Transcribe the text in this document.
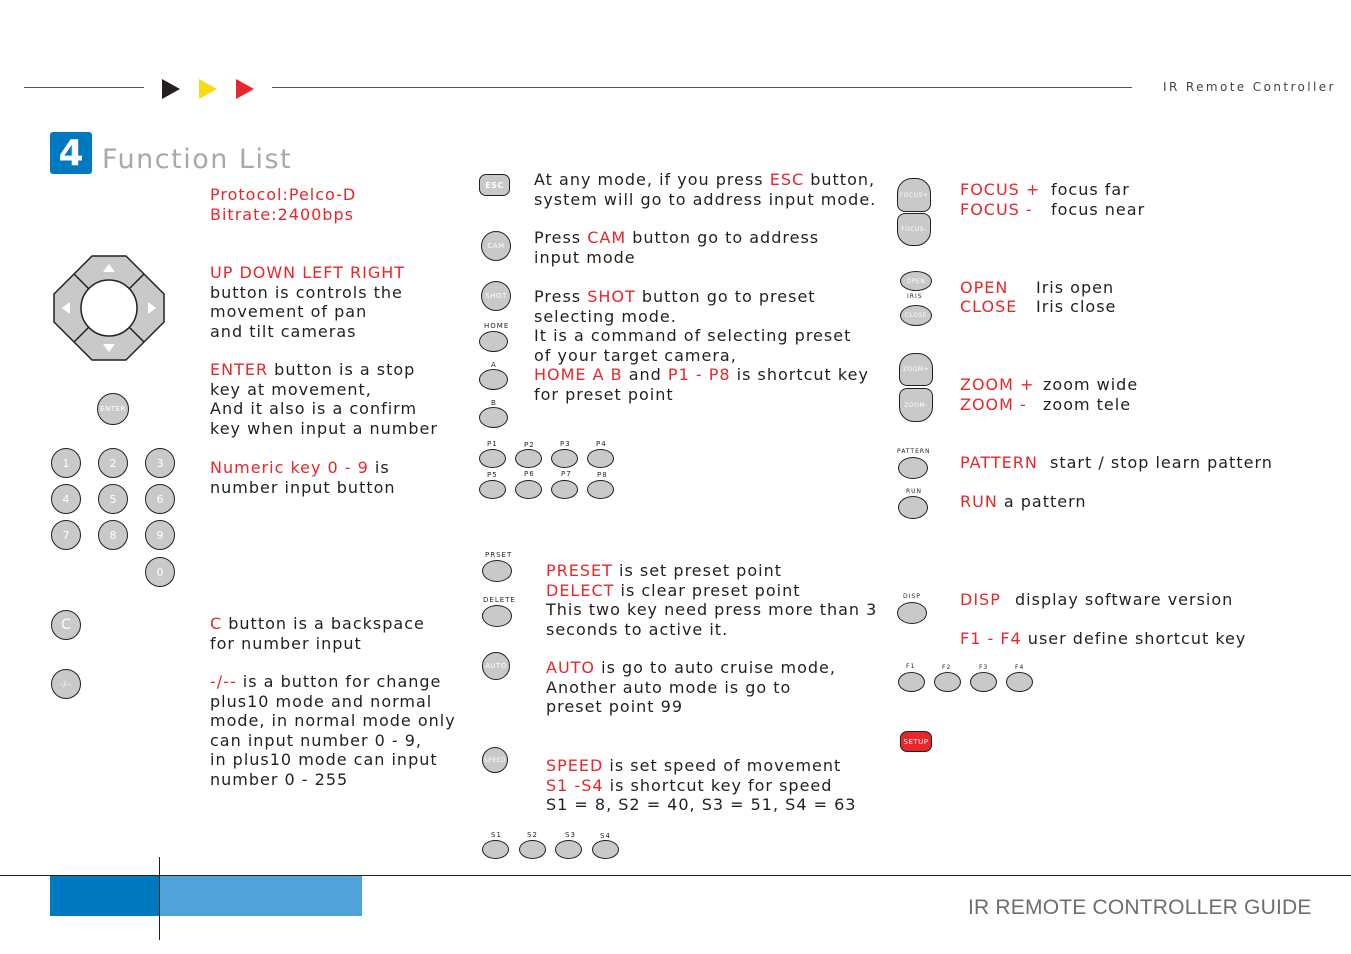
IR Remote Controller
4 Function List
Protocol:Pelco-D
Bitrate:2400bps
ENTER
1	2	3
4	5	6
7	8	9
0
C
-/--
UP DOWN LEFT RIGHT
button is controls the
movement of pan
and tilt cameras
ENTER button is a stop
key at movement,
And it also is a confirm
key when input a number
Numeric key 0 - 9 is
number input button
C button is a backspace
for number input
-/-- is a button for change
plus10 mode and normal
mode, in normal mode only
can input number 0 - 9,
in plus10 mode can input
number 0 - 255
ESC
CAM
SHOT
HOME
A
B
P1	P2	P3	P4
P5	P6	P7	P8
PRSET
DELETE
AUTO
SPEED
S1	S2	S3	S4
At any mode, if you press ESC button,
system will go to address input mode.
Press CAM button go to address
input mode
Press SHOT button go to preset
selecting mode.
It is a command of selecting preset
of your target camera,
HOME A B and P1 - P8 is shortcut key
for preset point
PRESET is set preset point
DELECT is clear preset point
This two key need press more than 3
seconds to active it.
AUTO is go to auto cruise mode,
Another auto mode is go to
preset point 99
SPEED is set speed of movement
S1 -S4 is shortcut key for speed
S1 = 8, S2 = 40, S3 = 51, S4 = 63
FOCUS+
FOCUS-
OPEN
IRIS
CLOSE
ZOOM+
ZOOM-
PATTERN
RUN
DISP
F1	F2	F3	F4
SETUP
FOCUS + focus far
FOCUS - focus near
OPEN Iris open
CLOSE Iris close
ZOOM + zoom wide
ZOOM - zoom tele
PATTERN start / stop learn pattern
RUN a pattern
DISP display software version
F1 - F4 user define shortcut key
IR REMOTE CONTROLLER GUIDE
